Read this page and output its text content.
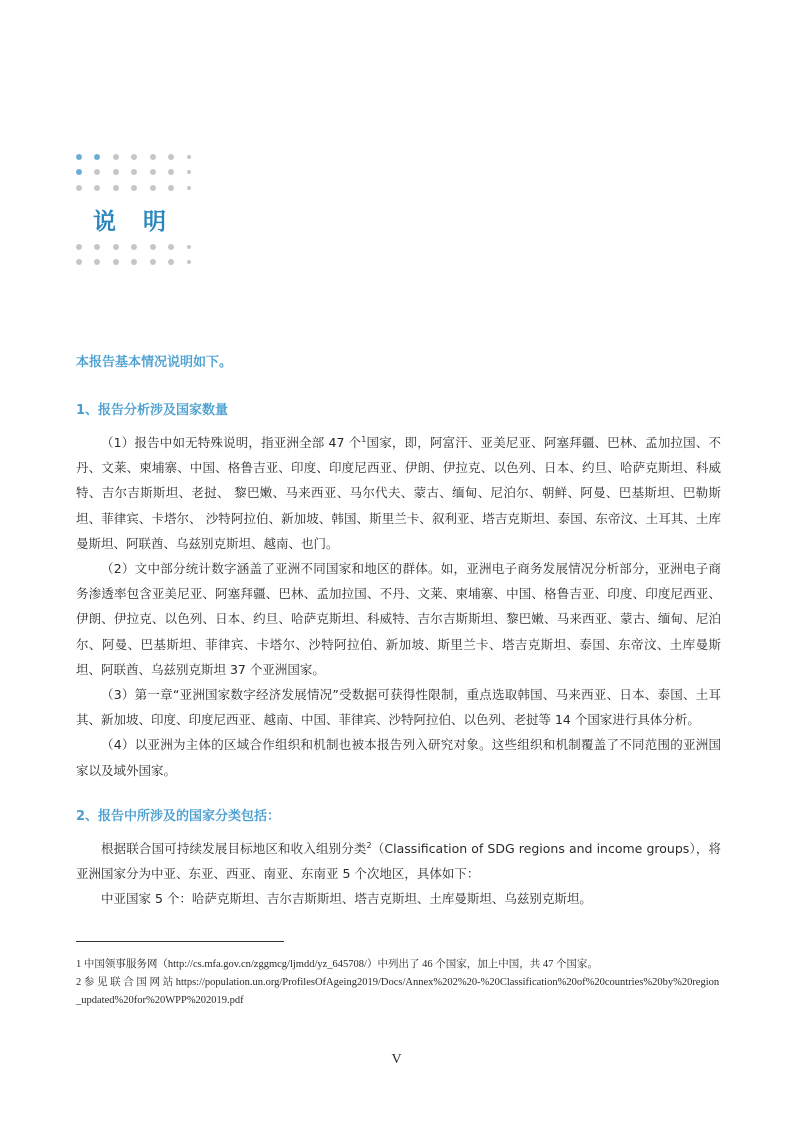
说明
本报告基本情况说明如下。
1、报告分析涉及国家数量

（1）报告中如无特殊说明，指亚洲全部 47 个$^1$国家，即，阿富汗、亚美尼亚、阿塞拜疆、巴林、孟加拉国、不丹、文莱、柬埔寨、中国、格鲁吉亚、印度、印度尼西亚、伊朗、伊拉克、以色列、日本、约旦、哈萨克斯坦、科威特、吉尔吉斯斯坦、老挝、 黎巴嫩、马来西亚、马尔代夫、蒙古、缅甸、尼泊尔、朝鲜、阿曼、巴基斯坦、巴勒斯坦、菲律宾、卡塔尔、 沙特阿拉伯、新加坡、韩国、斯里兰卡、叙利亚、塔吉克斯坦、泰国、东帝汶、土耳其、土库曼斯坦、阿联酋、乌兹别克斯坦、越南、也门。

（2）文中部分统计数字涵盖了亚洲不同国家和地区的群体。如，亚洲电子商务发展情况分析部分，亚洲电子商务渗透率包含亚美尼亚、阿塞拜疆、巴林、孟加拉国、不丹、文莱、柬埔寨、中国、格鲁吉亚、印度、印度尼西亚、伊朗、伊拉克、以色列、日本、约旦、哈萨克斯坦、科威特、吉尔吉斯斯坦、黎巴嫩、马来西亚、蒙古、缅甸、尼泊尔、阿曼、巴基斯坦、菲律宾、卡塔尔、沙特阿拉伯、新加坡、斯里兰卡、塔吉克斯坦、泰国、东帝汶、土库曼斯坦、阿联酋、乌兹别克斯坦 37 个亚洲国家。

（3）第一章“亚洲国家数字经济发展情况”受数据可获得性限制，重点选取韩国、马来西亚、日本、泰国、土耳其、新加坡、印度、印度尼西亚、越南、中国、菲律宾、沙特阿拉伯、以色列、老挝等 14 个国家进行具体分析。

（4）以亚洲为主体的区域合作组织和机制也被本报告列入研究对象。这些组织和机制覆盖了不同范围的亚洲国家以及域外国家。

2、报告中所涉及的国家分类包括：

根据联合国可持续发展目标地区和收入组别分类$^2$（Classification of SDG regions and income groups），将亚洲国家分为中亚、东亚、西亚、南亚、东南亚 5 个次地区，具体如下：

中亚国家 5 个：哈萨克斯坦、吉尔吉斯斯坦、塔吉克斯坦、土库曼斯坦、乌兹别克斯坦。

1 中国领事服务网（http://cs.mfa.gov.cn/zggmcg/ljmdd/yz_645708/）中列出了 46 个国家，加上中国，共 47 个国家。

2 参 见 联 合 国 网 站 https://population.un.org/ProfilesOfAgeing2019/Docs/Annex%202%20-%20Classification%20of%20countries%20by%20region_updated%20for%20WPP%202019.pdf

V
